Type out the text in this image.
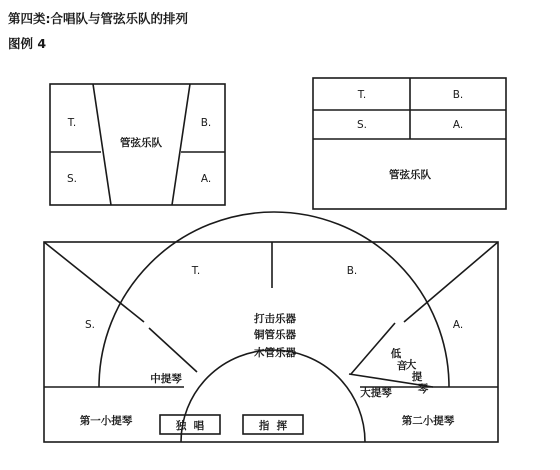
第四类:合唱队与管弦乐队的排列
图例 4
T.
S.
管弦乐队
B.
A.
T.	B.
S.	A.
管弦乐队
T.	B.
S.	A.
打击乐器
铜管乐器
木管乐器
中提琴
低
音
大
提
琴
大提琴
第一小提琴	第二小提琴
独  唱	指  挥
